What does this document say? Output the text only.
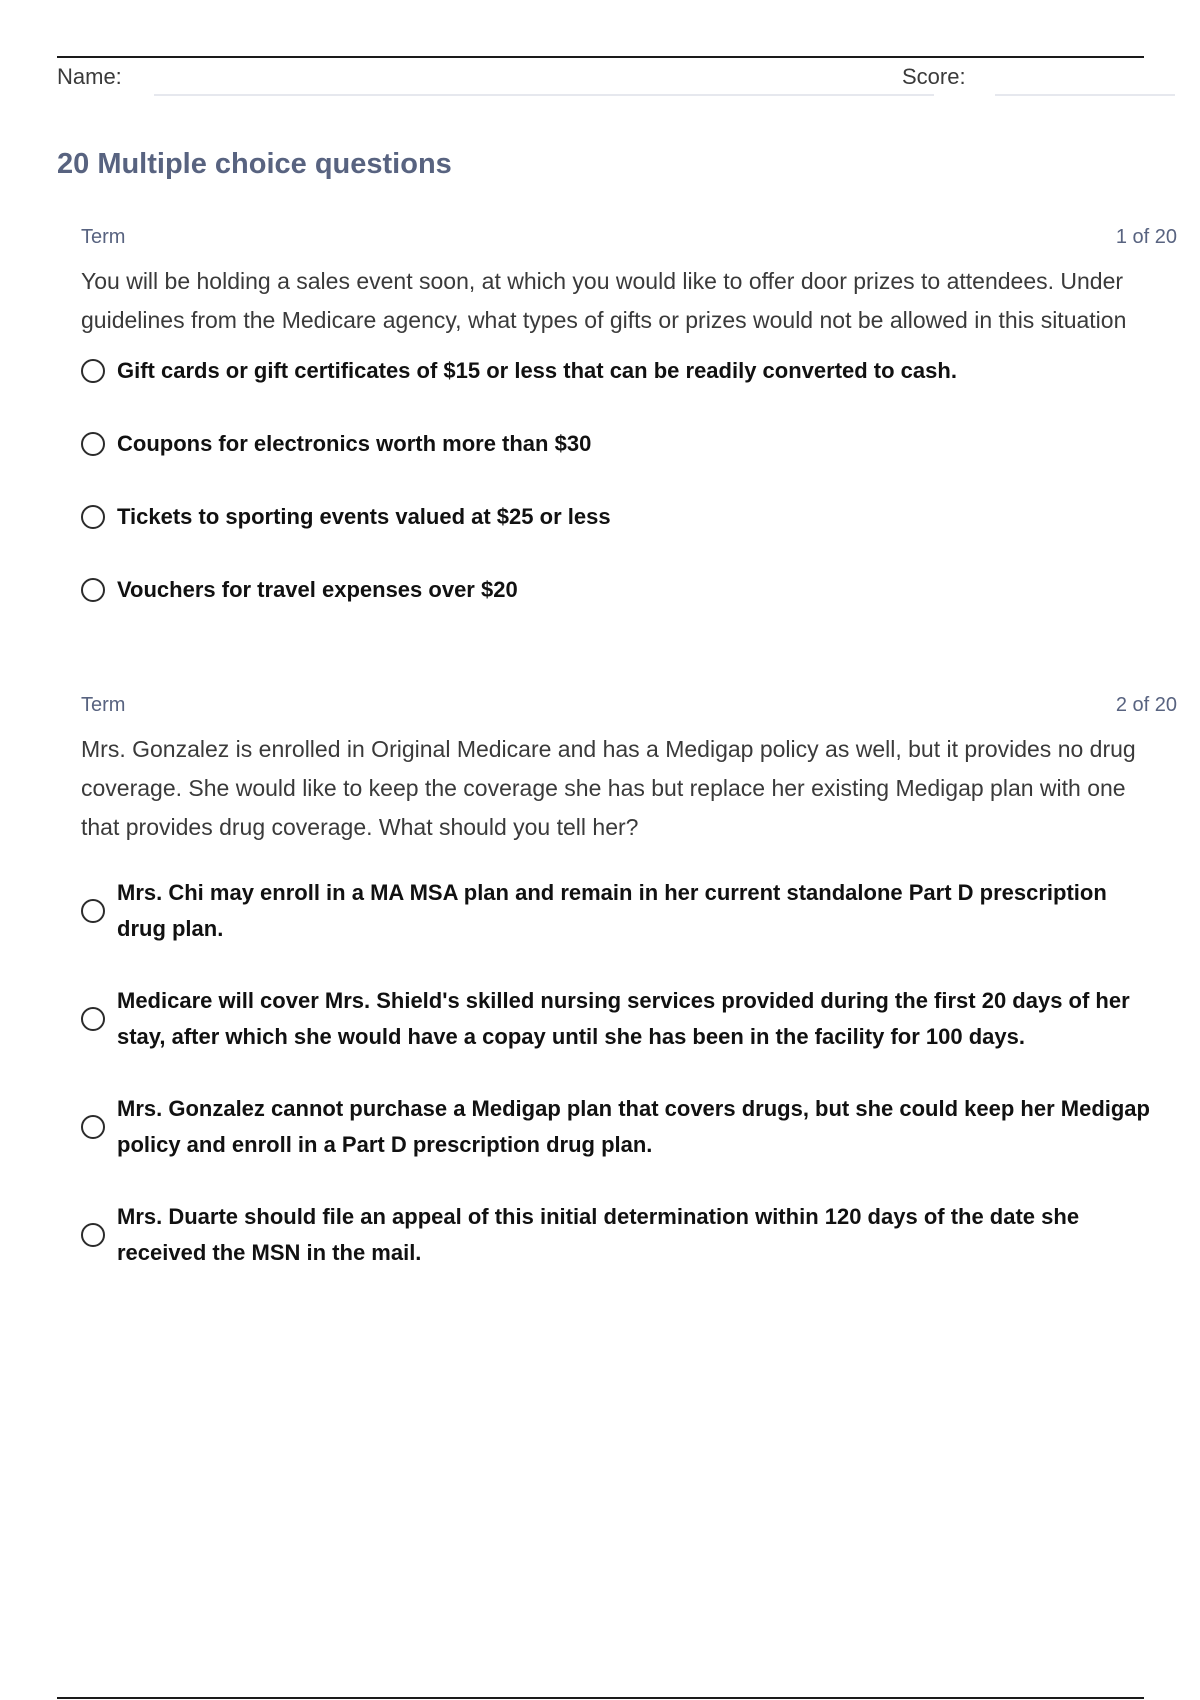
Name:	Score:
20 Multiple choice questions
Term	1 of 20

You will be holding a sales event soon, at which you would like to offer door prizes to attendees. Under guidelines from the Medicare agency, what types of gifts or prizes would not be allowed in this situation

Gift cards or gift certificates of $15 or less that can be readily converted to cash.
Coupons for electronics worth more than $30
Tickets to sporting events valued at $25 or less
Vouchers for travel expenses over $20
Term	2 of 20

Mrs. Gonzalez is enrolled in Original Medicare and has a Medigap policy as well, but it provides no drug coverage. She would like to keep the coverage she has but replace her existing Medigap plan with one that provides drug coverage. What should you tell her?

Mrs. Chi may enroll in a MA MSA plan and remain in her current standalone Part D prescription drug plan.
Medicare will cover Mrs. Shield's skilled nursing services provided during the first 20 days of her stay, after which she would have a copay until she has been in the facility for 100 days.
Mrs. Gonzalez cannot purchase a Medigap plan that covers drugs, but she could keep her Medigap policy and enroll in a Part D prescription drug plan.
Mrs. Duarte should file an appeal of this initial determination within 120 days of the date she received the MSN in the mail.
